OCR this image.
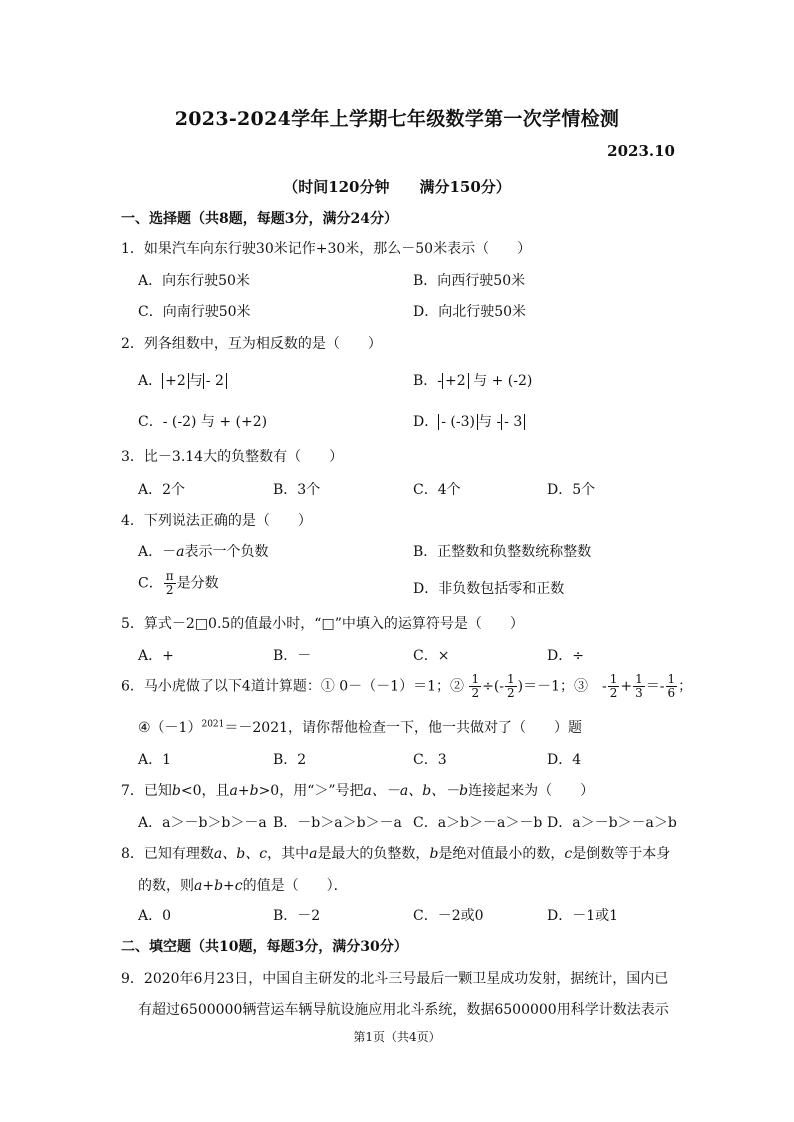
2023-2024学年上学期七年级数学第一次学情检测
2023.10
（时间120分钟　　满分150分）
一、选择题（共8题，每题3分，满分24分）
1．如果汽车向东行驶30米记作+30米，那么－50米表示（　　）
A．向东行驶50米	B．向西行驶50米
C．向南行驶50米	D．向北行驶50米
2．列各组数中，互为相反数的是（　　）
A． +2 与 - 2	B．- +2 与 + (-2)
C．- (-2) 与 + (+2)	D． - (-3) 与 - - 3
3．比－3.14大的负整数有（　　）
A．2个	B．3个	C．4个	D．5个
4．下列说法正确的是（　　）
A．－a表示一个负数	B．正整数和负整数统称整数
C． $\frac{\pi}{2}$ 是分数	D．非负数包括零和正数
5．算式－2□0.5的值最小时，“□”中填入的运算符号是（　　）
A．+	B．－	C．×	D．÷
6．马小虎做了以下4道计算题：① 0－（－1）＝1；② $\frac{1}{2}$ ÷(- $\frac{1}{2} )=-1$；③　- $\frac{1}{2} + \frac{1}{3} =- \frac{1}{6}$ ；
$④(-1)^{2021}=-2021$，请你帮他检查一下，他一共做对了（　　）题
A．1	B．2	C．3	D．4
7．已知b<0，且a+b>0，用“＞”号把a、－a、b、－b连接起来为（　　）
A．a＞－b＞b＞－a B．－b＞a＞b＞－a C．a＞b＞－a＞－b D．a＞－b＞－a＞b
8．已知有理数a、b、c，其中a是最大的负整数，b是绝对值最小的数，c是倒数等于本身
的数，则a+b+c的值是（　　）．
A．0	B．－2	C．－2或0	D．－1或1
二、填空题（共10题，每题3分，满分30分）
9．2020年6月23日，中国自主研发的北斗三号最后一颗卫星成功发射，据统计，国内已
有超过6500000辆营运车辆导航设施应用北斗系统，数据6500000用科学计数法表示
第1页（共4页）
